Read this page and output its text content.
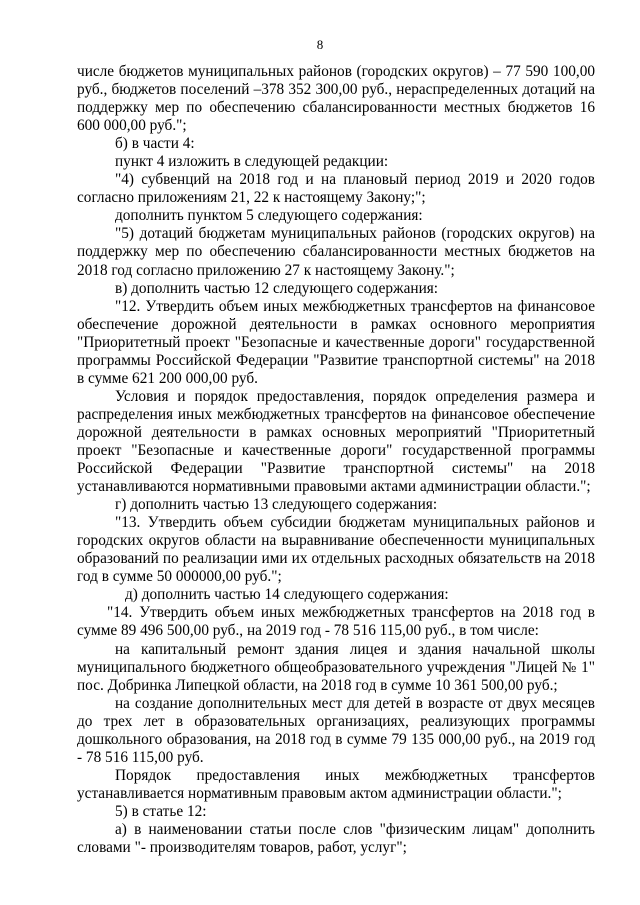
8

числе бюджетов муниципальных районов (городских округов) – 77 590 100,00 руб., бюджетов поселений –378 352 300,00 руб., нераспределенных дотаций на поддержку мер по обеспечению сбалансированности местных бюджетов 16 600 000,00 руб.";

б) в части 4:

пункт 4 изложить в следующей редакции:

"4) субвенций на 2018 год и на плановый период 2019 и 2020 годов согласно приложениям 21, 22 к настоящему Закону;";

дополнить пунктом 5 следующего содержания:

"5) дотаций бюджетам муниципальных районов (городских округов) на поддержку мер по обеспечению сбалансированности местных бюджетов на 2018 год согласно приложению 27 к настоящему Закону.";

в) дополнить частью 12 следующего содержания:

"12. Утвердить объем иных межбюджетных трансфертов на финансовое обеспечение дорожной деятельности в рамках основного мероприятия "Приоритетный проект "Безопасные и качественные дороги" государственной программы Российской Федерации "Развитие транспортной системы" на 2018 в сумме 621 200 000,00 руб.

Условия и порядок предоставления, порядок определения размера и распределения иных межбюджетных трансфертов на финансовое обеспечение дорожной деятельности в рамках основных мероприятий "Приоритетный проект "Безопасные и качественные дороги" государственной программы Российской Федерации "Развитие транспортной системы" на 2018 устанавливаются нормативными правовыми актами администрации области.";

г) дополнить частью 13 следующего содержания:

"13. Утвердить объем субсидии бюджетам муниципальных районов и городских округов области на выравнивание обеспеченности муниципальных образований по реализации ими их отдельных расходных обязательств на 2018 год в сумме 50 000000,00 руб.";

д) дополнить частью 14 следующего содержания:

"14. Утвердить объем иных межбюджетных трансфертов на 2018 год в сумме 89 496 500,00 руб., на 2019 год - 78 516 115,00 руб., в том числе:

на капитальный ремонт здания лицея и здания начальной школы муниципального бюджетного общеобразовательного учреждения "Лицей № 1" пос. Добринка Липецкой области, на 2018 год в сумме 10 361 500,00 руб.;

на создание дополнительных мест для детей в возрасте от двух месяцев до трех лет в образовательных организациях, реализующих программы дошкольного образования, на 2018 год в сумме 79 135 000,00 руб., на 2019 год - 78 516 115,00 руб.

Порядок предоставления иных межбюджетных трансфертов устанавливается нормативным правовым актом администрации области.";

5) в статье 12:

а) в наименовании статьи после слов "физическим лицам" дополнить словами "- производителям товаров, работ, услуг";
